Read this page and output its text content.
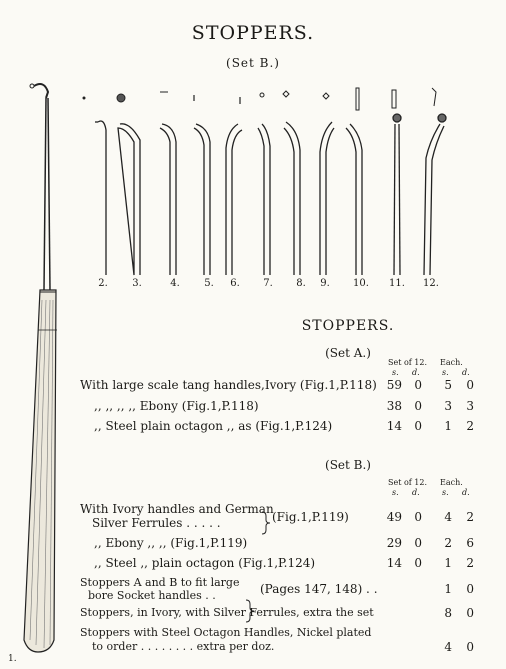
STOPPERS.
(Set B.)
2.	3.	4.	5.	6.	7.	8.	9.	10.	11.	12.
1.
STOPPERS.
(Set A.)
Set of 12. Each.
s. d.	s. d.
With large scale tang handles,Ivory (Fig.1,P.118) 59	0	5	0
,, ,, ,, ,, Ebony (Fig.1,P.118)	38	0	3	3
,, Steel plain octagon ,, as (Fig.1,P.124)	14	0	1	2
(Set B.)
Set of 12. Each.
s. d.	s. d.
With Ivory handles and German
Silver Ferrules . . . . .	(Fig.1,P.119)	49	0	4	2
,, Ebony ,, ,, (Fig.1,P.119)	29	0	2	6
,, Steel ,, plain octagon (Fig.1,P.124)	14	0	1	2
Stoppers A and B to fit large
bore Socket handles . .	(Pages 147, 148) . .	1	0
Stoppers, in Ivory, with Silver Ferrules, extra the set	8	0
Stoppers with Steel Octagon Handles, Nickel plated
to order . . . . . . . . extra per doz.	4	0
